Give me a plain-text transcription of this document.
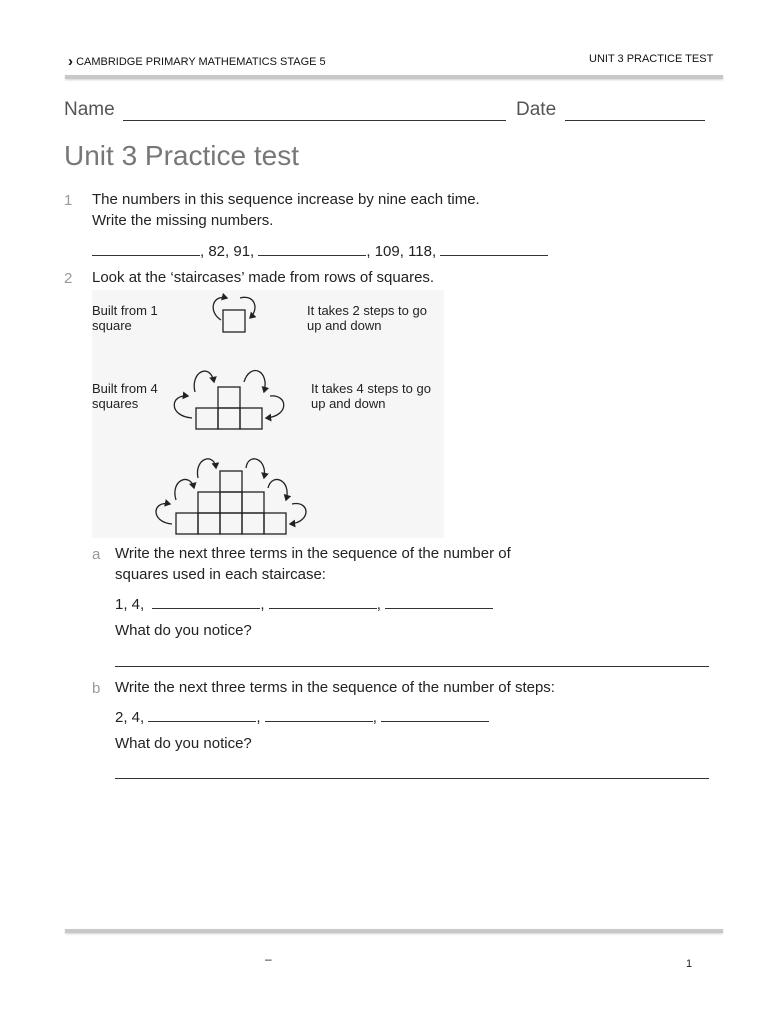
› CAMBRIDGE PRIMARY MATHEMATICS STAGE 5	UNIT 3 PRACTICE TEST
Name	Date
Unit 3 Practice test
1 The numbers in this sequence increase by nine each time.
Write the missing numbers.
, 82, 91,	, 109, 118,
2 Look at the ‘staircases’ made from rows of squares.
Built from 1
square
It takes 2 steps to go
up and down
Built from 4
squares
It takes 4 steps to go
up and down
a Write the next three terms in the sequence of the number of
squares used in each staircase:
1, 4,	,	,
What do you notice?
b Write the next three terms in the sequence of the number of steps:
2, 4,	,	,
What do you notice?
–	1
